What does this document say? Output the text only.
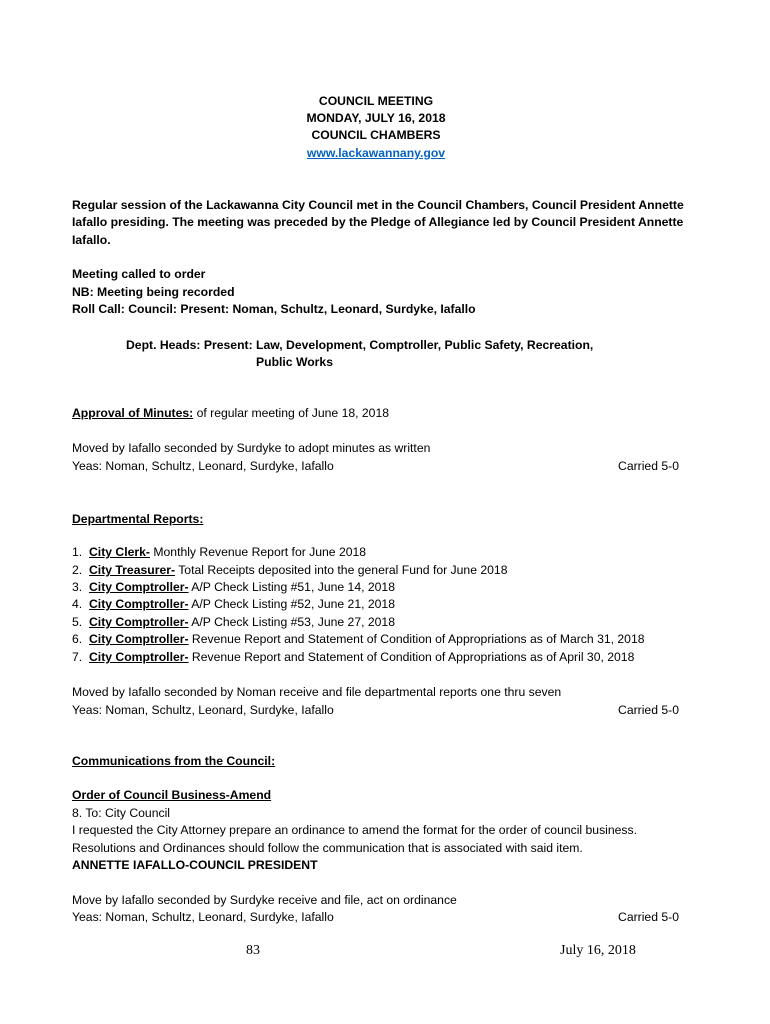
COUNCIL MEETING
MONDAY, JULY 16, 2018
COUNCIL CHAMBERS
www.lackawannany.gov
Regular session of the Lackawanna City Council met in the Council Chambers, Council President Annette
Iafallo presiding. The meeting was preceded by the Pledge of Allegiance led by Council President Annette
Iafallo.
Meeting called to order
NB: Meeting being recorded
Roll Call: Council: Present: Noman, Schultz, Leonard, Surdyke, Iafallo
Dept. Heads: Present: Law, Development, Comptroller, Public Safety, Recreation,
Public Works
Approval of Minutes: of regular meeting of June 18, 2018
Moved by Iafallo seconded by Surdyke to adopt minutes as written
Yeas: Noman, Schultz, Leonard, Surdyke, Iafallo	Carried 5-0
Departmental Reports:
1. City Clerk- Monthly Revenue Report for June 2018
2. City Treasurer- Total Receipts deposited into the general Fund for June 2018
3. City Comptroller- A/P Check Listing #51, June 14, 2018
4. City Comptroller- A/P Check Listing #52, June 21, 2018
5. City Comptroller- A/P Check Listing #53, June 27, 2018
6. City Comptroller- Revenue Report and Statement of Condition of Appropriations as of March 31, 2018
7. City Comptroller- Revenue Report and Statement of Condition of Appropriations as of April 30, 2018
Moved by Iafallo seconded by Noman receive and file departmental reports one thru seven
Yeas: Noman, Schultz, Leonard, Surdyke, Iafallo	Carried 5-0
Communications from the Council:
Order of Council Business-Amend
8. To: City Council
I requested the City Attorney prepare an ordinance to amend the format for the order of council business.
Resolutions and Ordinances should follow the communication that is associated with said item.
ANNETTE IAFALLO-COUNCIL PRESIDENT
Move by Iafallo seconded by Surdyke receive and file, act on ordinance
Yeas: Noman, Schultz, Leonard, Surdyke, Iafallo	Carried 5-0
83	July 16, 2018
